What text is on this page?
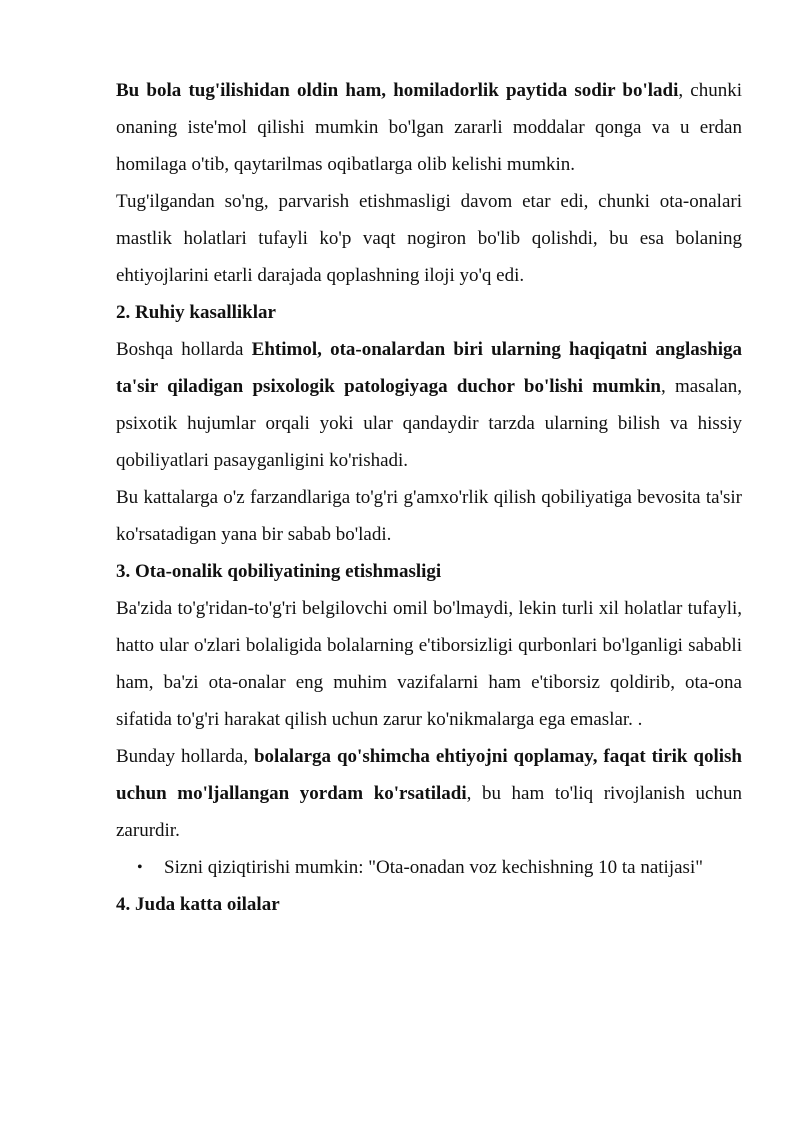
Bu bola tug'ilishidan oldin ham, homiladorlik paytida sodir bo'ladi, chunki onaning iste'mol qilishi mumkin bo'lgan zararli moddalar qonga va u erdan homilaga o'tib, qaytarilmas oqibatlarga olib kelishi mumkin.

Tug'ilgandan so'ng, parvarish etishmasligi davom etar edi, chunki ota-onalari mastlik holatlari tufayli ko'p vaqt nogiron bo'lib qolishdi, bu esa bolaning ehtiyojlarini etarli darajada qoplashning iloji yo'q edi.

2. Ruhiy kasalliklar

Boshqa hollarda Ehtimol, ota-onalardan biri ularning haqiqatni anglashiga ta'sir qiladigan psixologik patologiyaga duchor bo'lishi mumkin, masalan, psixotik hujumlar orqali yoki ular qandaydir tarzda ularning bilish va hissiy qobiliyatlari pasayganligini ko'rishadi.

Bu kattalarga o'z farzandlariga to'g'ri g'amxo'rlik qilish qobiliyatiga bevosita ta'sir ko'rsatadigan yana bir sabab bo'ladi.

3. Ota-onalik qobiliyatining etishmasligi

Ba'zida to'g'ridan-to'g'ri belgilovchi omil bo'lmaydi, lekin turli xil holatlar tufayli, hatto ular o'zlari bolaligida bolalarning e'tiborsizligi qurbonlari bo'lganligi sababli ham, ba'zi ota-onalar eng muhim vazifalarni ham e'tiborsiz qoldirib, ota-ona sifatida to'g'ri harakat qilish uchun zarur ko'nikmalarga ega emaslar. .

Bunday hollarda, bolalarga qo'shimcha ehtiyojni qoplamay, faqat tirik qolish uchun mo'ljallangan yordam ko'rsatiladi, bu ham to'liq rivojlanish uchun zarurdir.

• Sizni qiziqtirishi mumkin: "Ota-onadan voz kechishning 10 ta natijasi"
4. Juda katta oilalar
